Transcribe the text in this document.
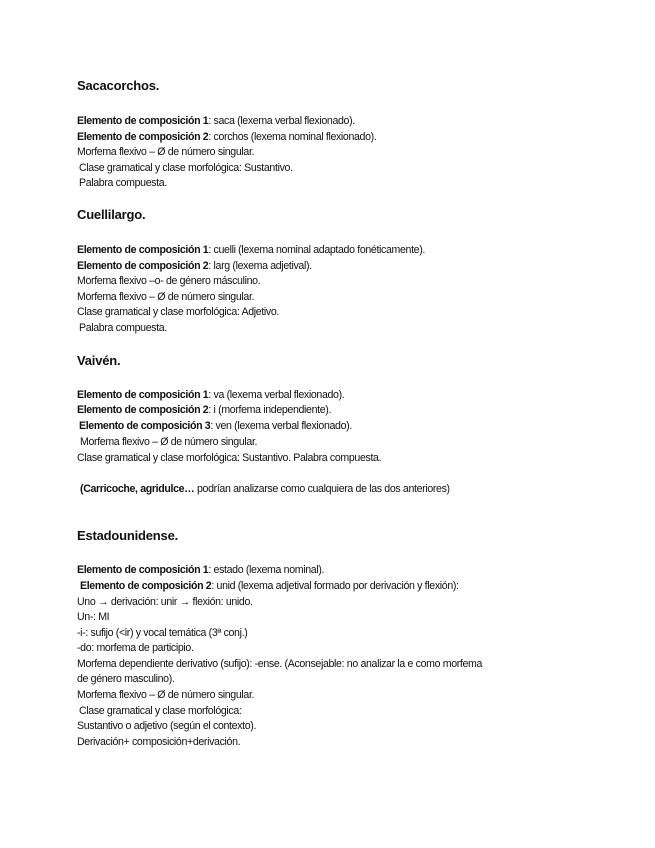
Sacacorchos.
Elemento de composición 1: saca (lexema verbal flexionado).
Elemento de composición 2: corchos (lexema nominal flexionado).
Morfema flexivo – Ø de número singular.
Clase gramatical y clase morfológica: Sustantivo.
Palabra compuesta.
Cuellilargo.
Elemento de composición 1: cuelli (lexema nominal adaptado fonéticamente).
Elemento de composición 2: larg (lexema adjetival).
Morfema flexivo –o- de género másculino.
Morfema flexivo – Ø de número singular.
Clase gramatical y clase morfológica: Adjetivo.
Palabra compuesta.
Vaivén.
Elemento de composición 1: va (lexema verbal flexionado).
Elemento de composición 2: i (morfema independiente).
Elemento de composición 3: ven (lexema verbal flexionado).
Morfema flexivo – Ø de número singular.
Clase gramatical y clase morfológica: Sustantivo. Palabra compuesta.
(Carricoche, agridulce… podrían analizarse como cualquiera de las dos anteriores)
Estadounidense.
Elemento de composición 1: estado (lexema nominal).
Elemento de composición 2: unid (lexema adjetival formado por derivación y flexión):
Uno → derivación: unir → flexión: unido.
Un-: MI
-i-: sufijo (<ir) y vocal temática (3ª conj.)
-do: morfema de participio.
Morfema dependiente derivativo (sufijo): -ense. (Aconsejable: no analizar la e como morfema
de género masculino).
Morfema flexivo – Ø de número singular.
Clase gramatical y clase morfológica:
Sustantivo o adjetivo (según el contexto).
Derivación+ composición+derivación.
